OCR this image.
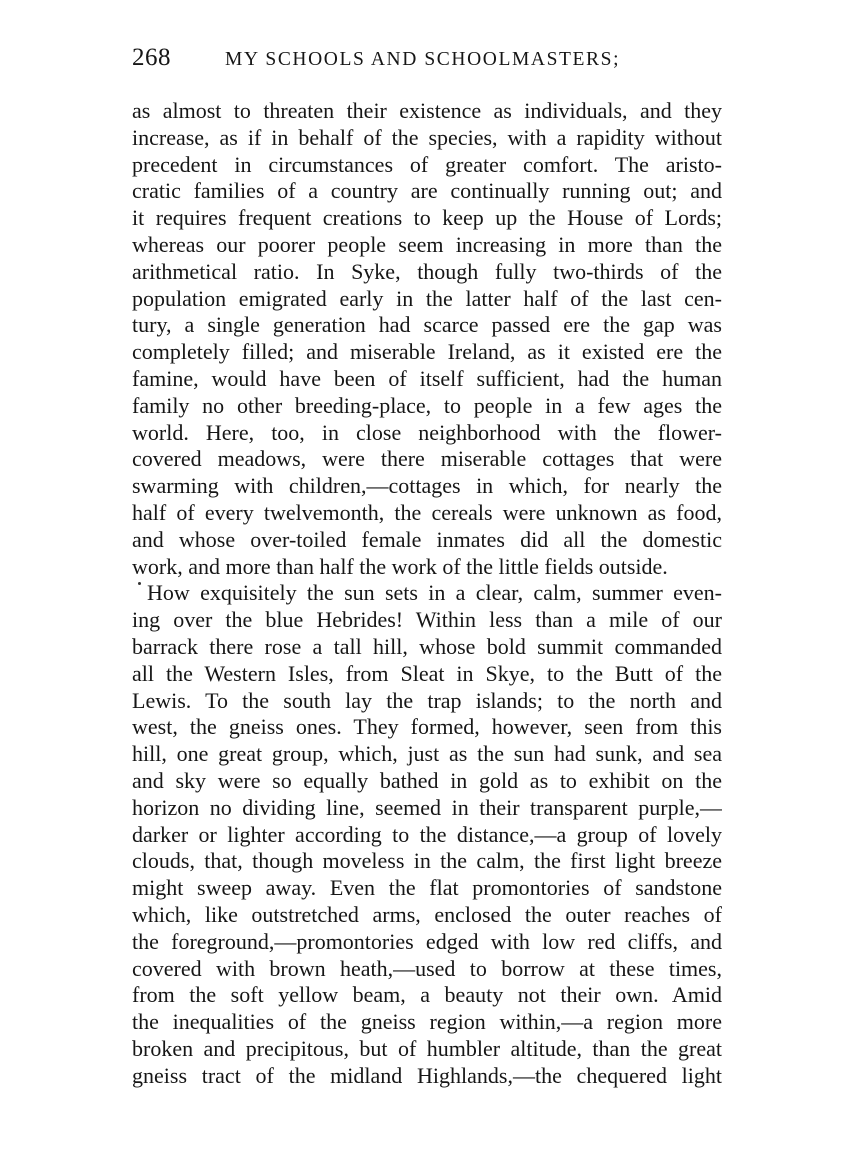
268	MY SCHOOLS AND SCHOOLMASTERS;
as almost to threaten their existence as individuals, and they
increase, as if in behalf of the species, with a rapidity without
precedent in circumstances of greater comfort. The aristo-
cratic families of a country are continually running out; and
it requires frequent creations to keep up the House of Lords;
whereas our poorer people seem increasing in more than the
arithmetical ratio. In Syke, though fully two-thirds of the
population emigrated early in the latter half of the last cen-
tury, a single generation had scarce passed ere the gap was
completely filled; and miserable Ireland, as it existed ere the
famine, would have been of itself sufficient, had the human
family no other breeding-place, to people in a few ages the
world. Here, too, in close neighborhood with the flower-
covered meadows, were there miserable cottages that were
swarming with children,—cottages in which, for nearly the
half of every twelvemonth, the cereals were unknown as food,
and whose over-toiled female inmates did all the domestic
work, and more than half the work of the little fields outside.
How exquisitely the sun sets in a clear, calm, summer even-
ing over the blue Hebrides! Within less than a mile of our
barrack there rose a tall hill, whose bold summit commanded
all the Western Isles, from Sleat in Skye, to the Butt of the
Lewis. To the south lay the trap islands; to the north and
west, the gneiss ones. They formed, however, seen from this
hill, one great group, which, just as the sun had sunk, and sea
and sky were so equally bathed in gold as to exhibit on the
horizon no dividing line, seemed in their transparent purple,—
darker or lighter according to the distance,—a group of lovely
clouds, that, though moveless in the calm, the first light breeze
might sweep away. Even the flat promontories of sandstone
which, like outstretched arms, enclosed the outer reaches of
the foreground,—promontories edged with low red cliffs, and
covered with brown heath,—used to borrow at these times,
from the soft yellow beam, a beauty not their own. Amid
the inequalities of the gneiss region within,—a region more
broken and precipitous, but of humbler altitude, than the great
gneiss tract of the midland Highlands,—the chequered light
